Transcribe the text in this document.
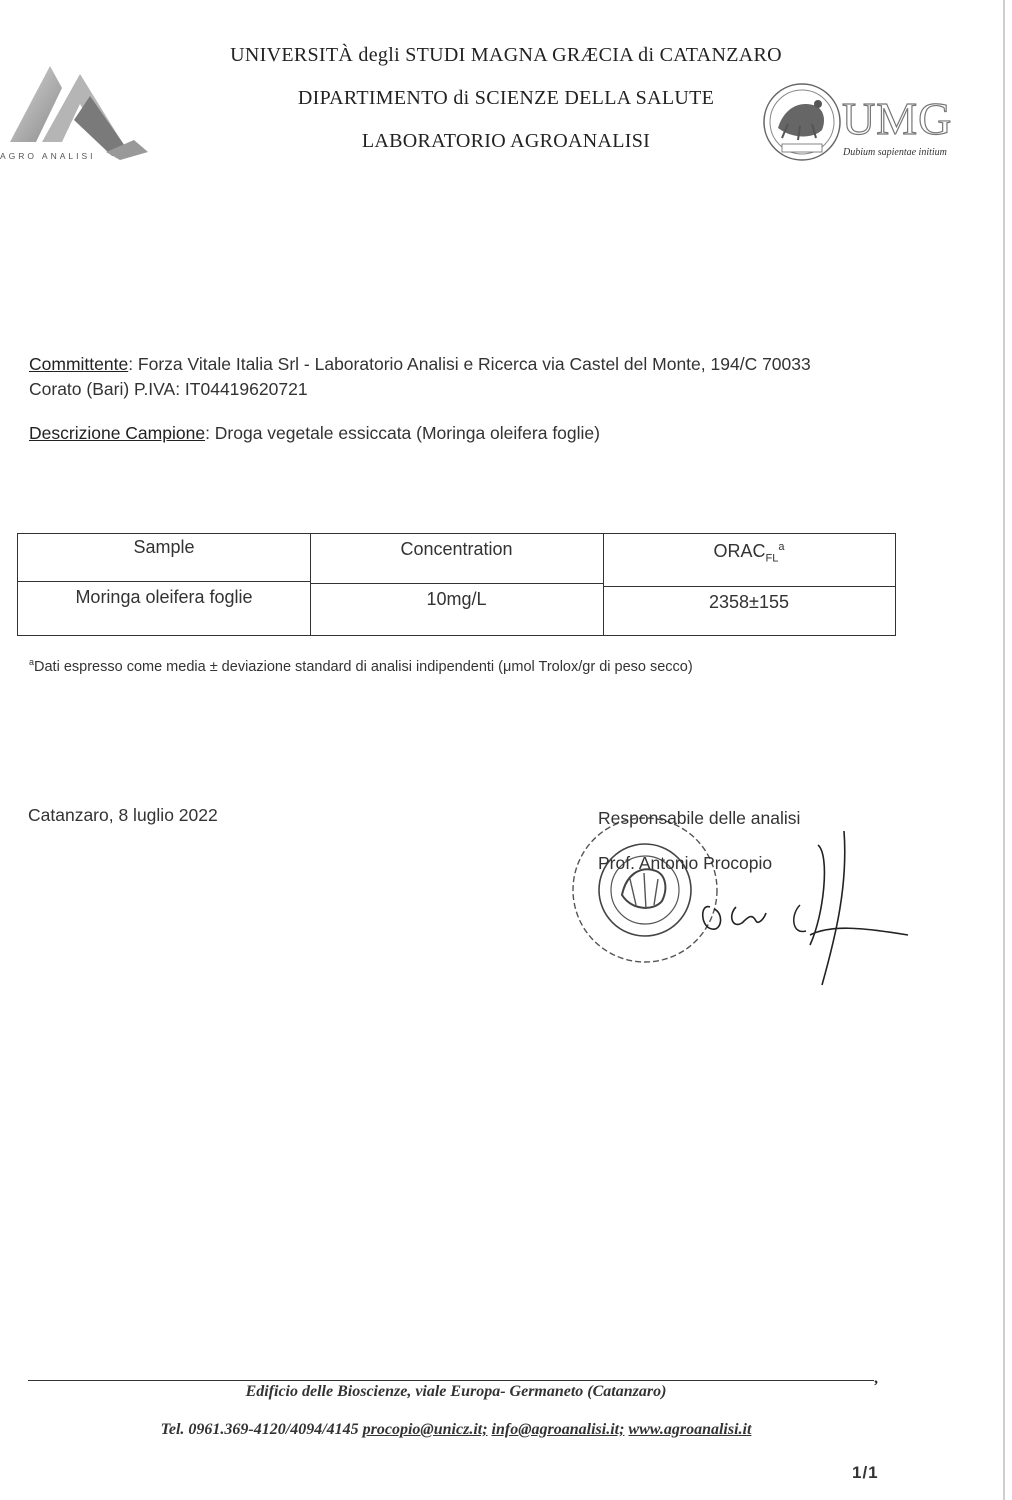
UNIVERSITÀ degli STUDI MAGNA GRÆCIA di CATANZARO
DIPARTIMENTO di SCIENZE DELLA SALUTE
LABORATORIO AGROANALISI
AGRO ANALISI
UMG
Dubium sapientae initium
Committente: Forza Vitale Italia Srl - Laboratorio Analisi e Ricerca via Castel del Monte, 194/C 70033
Corato (Bari) P.IVA: IT04419620721
Descrizione Campione: Droga vegetale essiccata (Moringa oleifera foglie)
Sample	Concentration	$ORAC_{FL}^a$
Moringa oleifera foglie	10mg/L	2358±155
$^a$Dati espresso come media ± deviazione standard di analisi indipendenti (μmol Trolox/gr di peso secco)
Catanzaro, 8 luglio 2022	Responsabile delle analisi
Prof. Antonio Procopio
,
Edificio delle Bioscienze, viale Europa- Germaneto (Catanzaro)
Tel. 0961.369-4120/4094/4145 procopio@unicz.it; info@agroanalisi.it; www.agroanalisi.it
1/1
